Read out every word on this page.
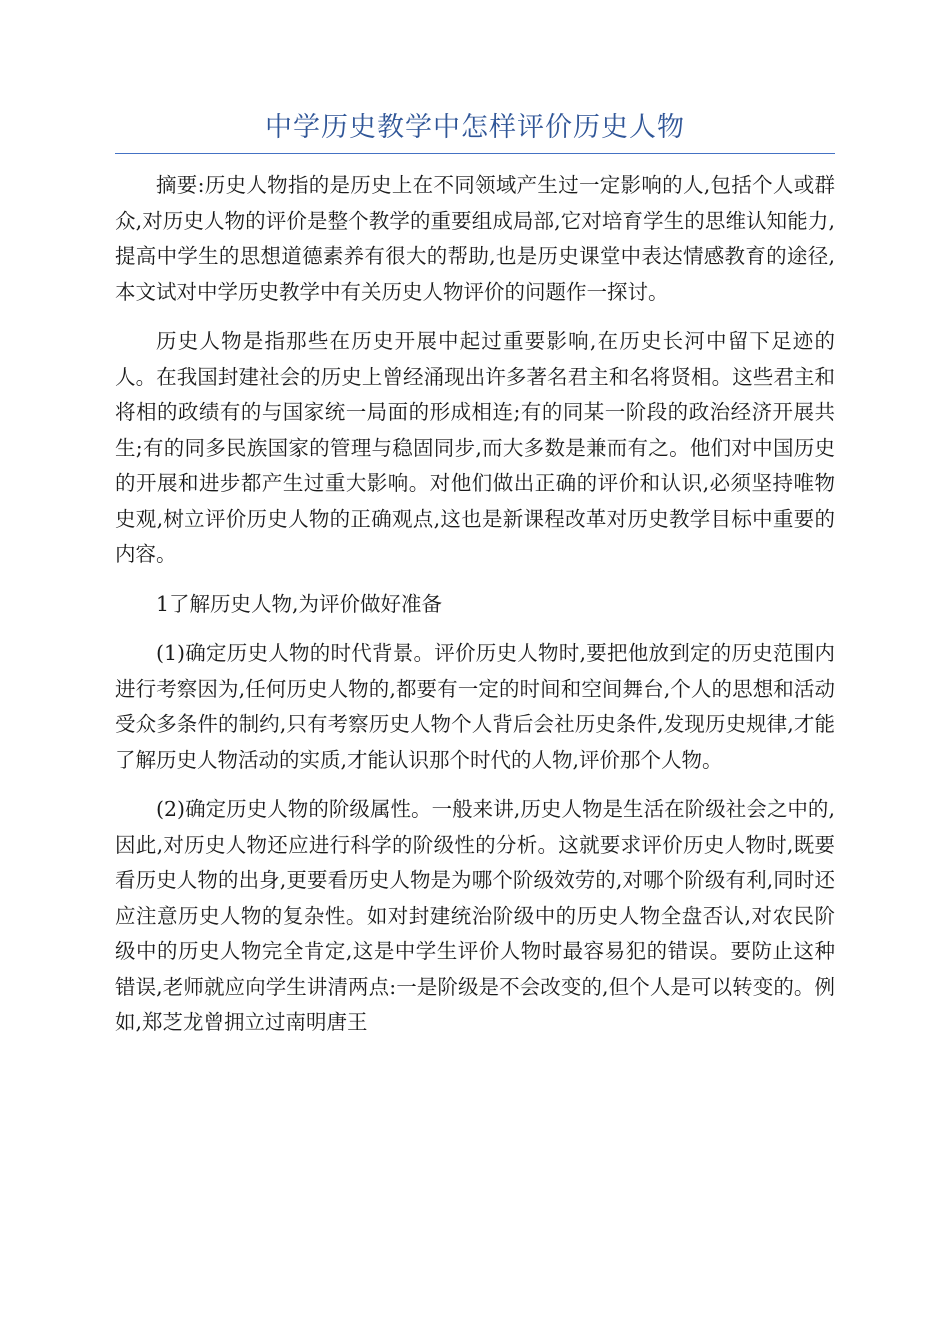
中学历史教学中怎样评价历史人物

摘要:历史人物指的是历史上在不同领域产生过一定影响的人,包括个人或群众,对历史人物的评价是整个教学的重要组成局部,它对培育学生的思维认知能力,提高中学生的思想道德素养有很大的帮助,也是历史课堂中表达情感教育的途径,本文试对中学历史教学中有关历史人物评价的问题作一探讨。

历史人物是指那些在历史开展中起过重要影响,在历史长河中留下足迹的人。在我国封建社会的历史上曾经涌现出许多著名君主和名将贤相。这些君主和将相的政绩有的与国家统一局面的形成相连;有的同某一阶段的政治经济开展共生;有的同多民族国家的管理与稳固同步,而大多数是兼而有之。他们对中国历史的开展和进步都产生过重大影响。对他们做出正确的评价和认识,必须坚持唯物史观,树立评价历史人物的正确观点,这也是新课程改革对历史教学目标中重要的内容。

1了解历史人物,为评价做好准备

(1)确定历史人物的时代背景。评价历史人物时,要把他放到定的历史范围内进行考察因为,任何历史人物的,都要有一定的时间和空间舞台,个人的思想和活动受众多条件的制约,只有考察历史人物个人背后会社历史条件,发现历史规律,才能了解历史人物活动的实质,才能认识那个时代的人物,评价那个人物。

(2)确定历史人物的阶级属性。一般来讲,历史人物是生活在阶级社会之中的,因此,对历史人物还应进行科学的阶级性的分析。这就要求评价历史人物时,既要看历史人物的出身,更要看历史人物是为哪个阶级效劳的,对哪个阶级有利,同时还应注意历史人物的复杂性。如对封建统治阶级中的历史人物全盘否认,对农民阶级中的历史人物完全肯定,这是中学生评价人物时最容易犯的错误。要防止这种错误,老师就应向学生讲清两点:一是阶级是不会改变的,但个人是可以转变的。例如,郑芝龙曾拥立过南明唐王
